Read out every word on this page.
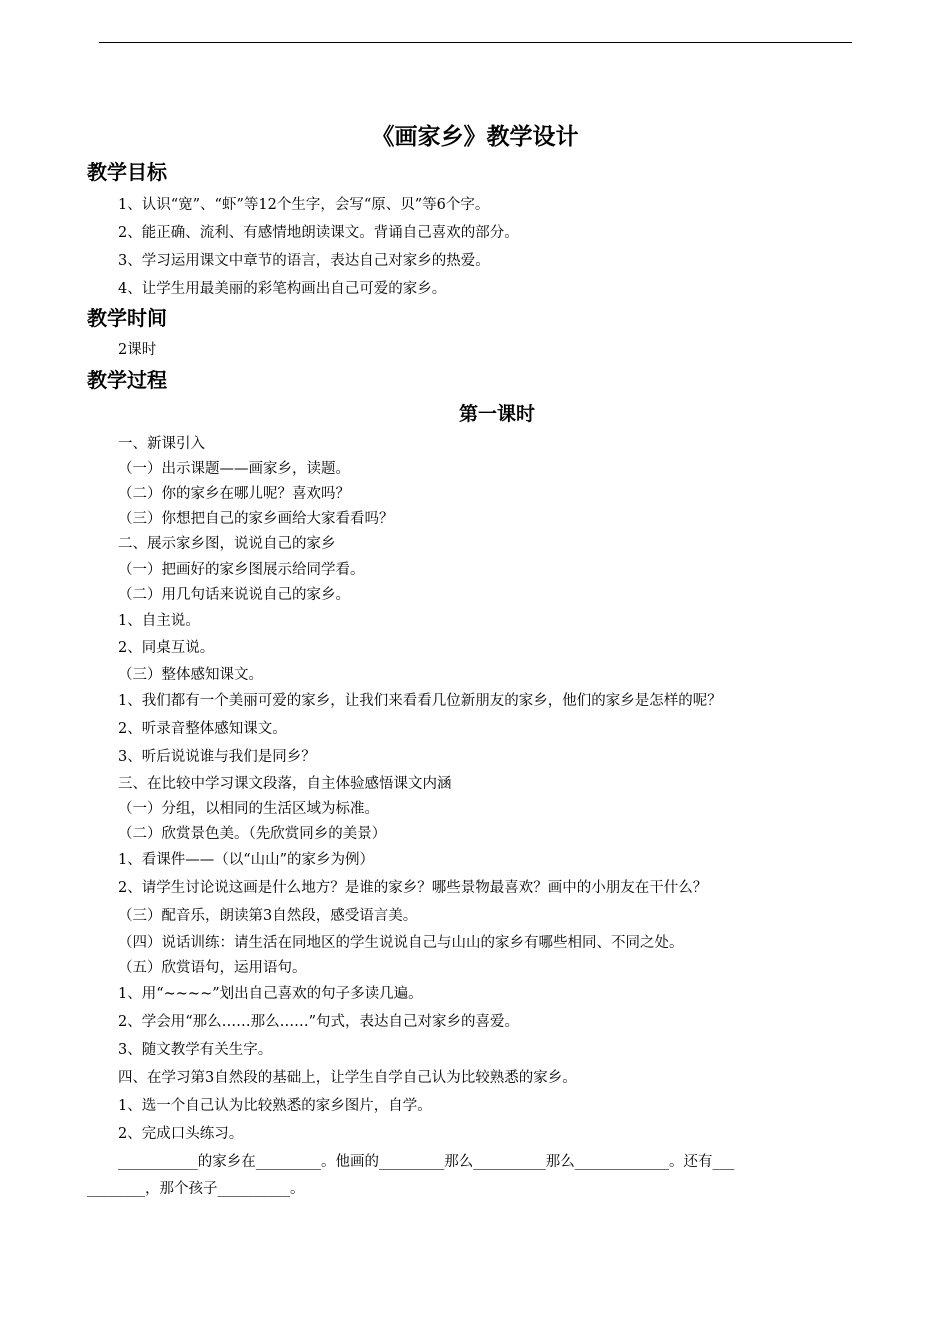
《画家乡》教学设计
教学目标

1、认识“宽”、“虾”等12个生字，会写“原、贝”等6个字。

2、能正确、流利、有感情地朗读课文。背诵自己喜欢的部分。

3、学习运用课文中章节的语言，表达自己对家乡的热爱。

4、让学生用最美丽的彩笔构画出自己可爱的家乡。

教学时间

2课时

教学过程
第一课时

一、新课引入

（一）出示课题——画家乡，读题。

（二）你的家乡在哪儿呢？喜欢吗？

（三）你想把自己的家乡画给大家看看吗？

二、展示家乡图，说说自己的家乡

（一）把画好的家乡图展示给同学看。

（二）用几句话来说说自己的家乡。

1、自主说。

2、同桌互说。

（三）整体感知课文。

1、我们都有一个美丽可爱的家乡，让我们来看看几位新朋友的家乡，他们的家乡是怎样的呢？

2、听录音整体感知课文。

3、听后说说谁与我们是同乡？

三、在比较中学习课文段落，自主体验感悟课文内涵

（一）分组，以相同的生活区域为标准。

（二）欣赏景色美。（先欣赏同乡的美景）

1、看课件——（以“山山”的家乡为例）

2、请学生讨论说这画是什么地方？是谁的家乡？哪些景物最喜欢？画中的小朋友在干什么？

（三）配音乐，朗读第3自然段，感受语言美。

（四）说话训练：请生活在同地区的学生说说自己与山山的家乡有哪些相同、不同之处。

（五）欣赏语句，运用语句。

1、用“~~~~”划出自己喜欢的句子多读几遍。

2、学会用“那么……那么……”句式，表达自己对家乡的喜爱。

3、随文教学有关生字。

四、在学习第3自然段的基础上，让学生自学自己认为比较熟悉的家乡。

1、选一个自己认为比较熟悉的家乡图片，自学。

2、完成口头练习。

___________的家乡在_________。他画的_________那么__________那么_____________。还有___

________，那个孩子__________。
